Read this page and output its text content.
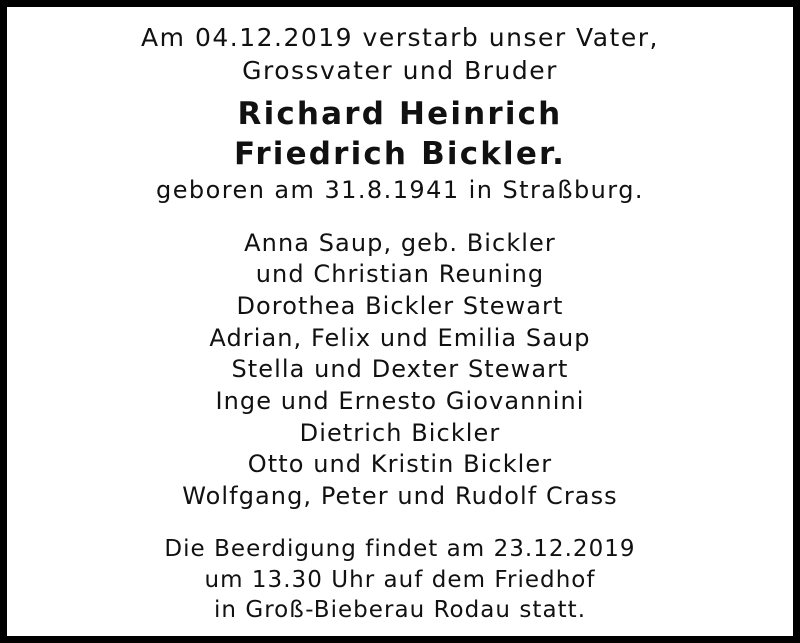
Am 04.12.2019 verstarb unser Vater,
Grossvater und Bruder
Richard Heinrich
Friedrich Bickler.
geboren am 31.8.1941 in Straßburg.
Anna Saup, geb. Bickler
und Christian Reuning
Dorothea Bickler Stewart
Adrian, Felix und Emilia Saup
Stella und Dexter Stewart
Inge und Ernesto Giovannini
Dietrich Bickler
Otto und Kristin Bickler
Wolfgang, Peter und Rudolf Crass
Die Beerdigung findet am 23.12.2019
um 13.30 Uhr auf dem Friedhof
in Groß-Bieberau Rodau statt.
